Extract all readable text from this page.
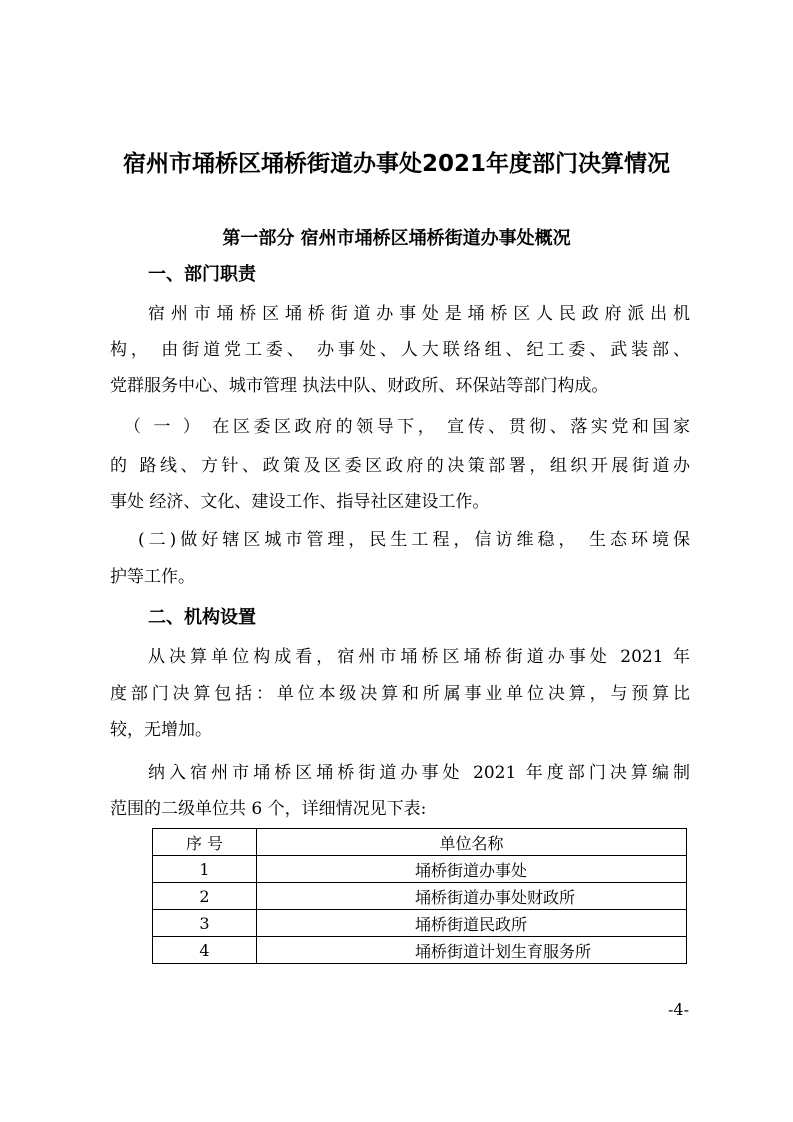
宿州市埇桥区埇桥街道办事处2021年度部门决算情况
第一部分 宿州市埇桥区埇桥街道办事处概况
一、部门职责
宿州市埇桥区埇桥街道办事处是埇桥区人民政府派出机
构， 由街道党工委、 办事处、人大联络组、纪工委、武装部、
党群服务中心、城市管理 执法中队、财政所、环保站等部门构成。
（ 一 ） 在区委区政府的领导下， 宣传、贯彻、落实党和国家
的 路线、方针、政策及区委区政府的决策部署，组织开展街道办
事处 经济、文化、建设工作、指导社区建设工作。
(二)做好辖区城市管理，民生工程，信访维稳， 生态环境保
护等工作。
二、机构设置
从决算单位构成看，宿州市埇桥区埇桥街道办事处 2021 年
度部门决算包括：单位本级决算和所属事业单位决算，与预算比
较，无增加。
纳入宿州市埇桥区埇桥街道办事处 2021 年度部门决算编制
范围的二级单位共 6 个，详细情况见下表:
序 号	单位名称
1	埇桥街道办事处
2	埇桥街道办事处财政所
3	埇桥街道民政所
4	埇桥街道计划生育服务所
-4-
